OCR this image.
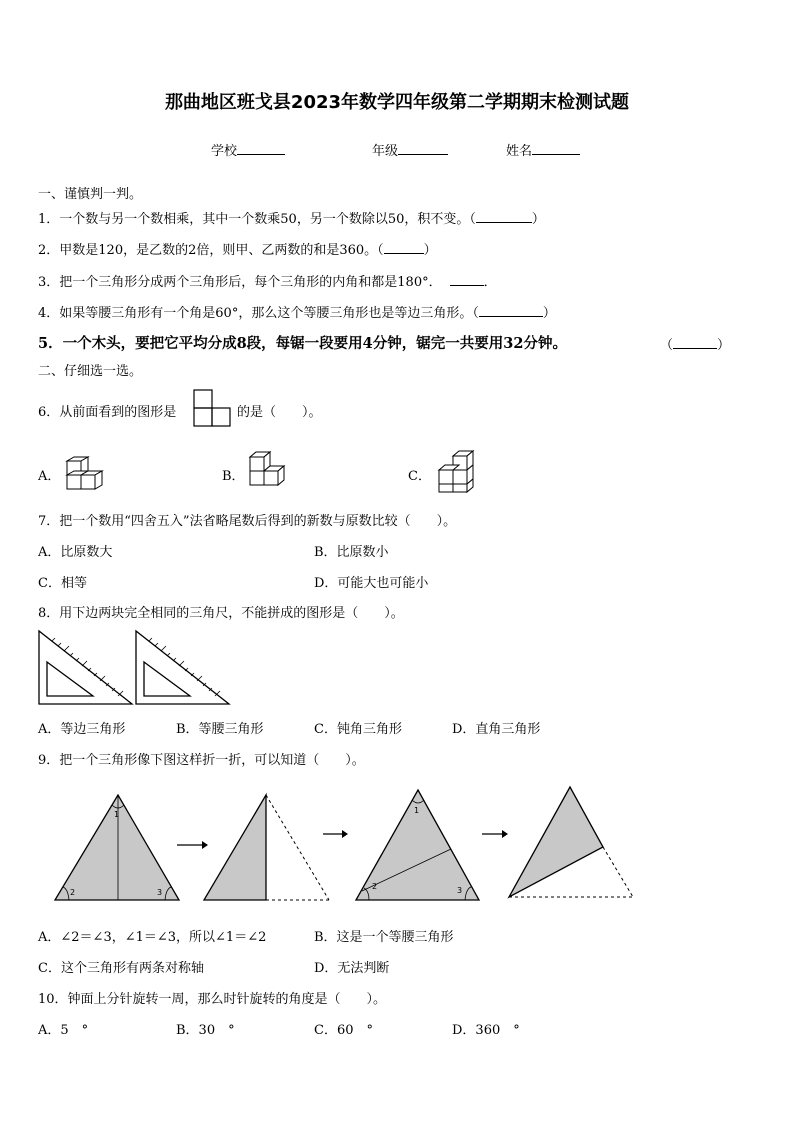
那曲地区班戈县2023年数学四年级第二学期期末检测试题
学校	年级	姓名
一、谨慎判一判。
1．一个数与另一个数相乘，其中一个数乘50，另一个数除以50，积不变。（	）
2．甲数是120，是乙数的2倍，则甲、乙两数的和是360。（	）
3．把一个三角形分成两个三角形后，每个三角形的内角和都是180°．	．
4．如果等腰三角形有一个角是60°，那么这个等腰三角形也是等边三角形。（	）
5．一个木头，要把它平均分成8段，每锯一段要用4分钟，锯完一共要用32分钟。	（	）
二、仔细选一选。
6．从前面看到的图形是	的是（　　）。
A．	B．	C．
7．把一个数用“四舍五入”法省略尾数后得到的新数与原数比较（　　）。
A．比原数大	B．比原数小
C．相等	D．可能大也可能小
8．用下边两块完全相同的三角尺，不能拼成的图形是（　　）。
A．等边三角形	B．等腰三角形	C．钝角三角形	D．直角三角形
9．把一个三角形像下图这样折一折，可以知道（　　）。
1
2	3
1
2	3
A．∠2＝∠3，∠1＝∠3，所以∠1＝∠2	B．这是一个等腰三角形
C．这个三角形有两条对称轴	D．无法判断
10．钟面上分针旋转一周，那么时针旋转的角度是（　　）。
A．5　°	B．30　°	C．60　°	D．360　°
